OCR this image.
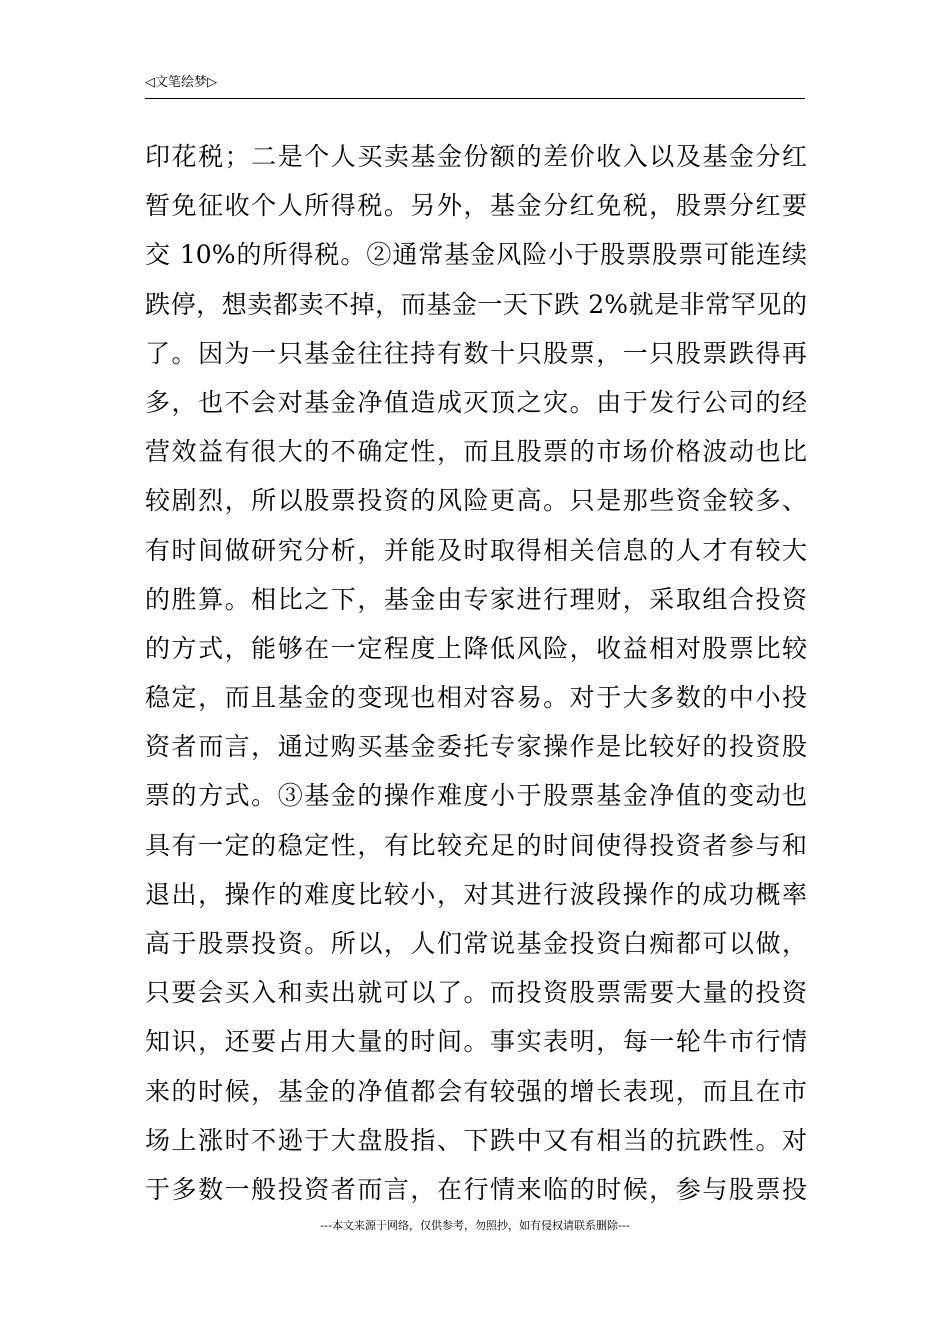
◁文笔绘梦▷
印花税；二是个人买卖基金份额的差价收入以及基金分红
暂免征收个人所得税。另外，基金分红免税，股票分红要
交 10%的所得税。②通常基金风险小于股票股票可能连续
跌停，想卖都卖不掉，而基金一天下跌 2%就是非常罕见的
了。因为一只基金往往持有数十只股票，一只股票跌得再
多，也不会对基金净值造成灭顶之灾。由于发行公司的经
营效益有很大的不确定性，而且股票的市场价格波动也比
较剧烈，所以股票投资的风险更高。只是那些资金较多、
有时间做研究分析，并能及时取得相关信息的人才有较大
的胜算。相比之下，基金由专家进行理财，采取组合投资
的方式，能够在一定程度上降低风险，收益相对股票比较
稳定，而且基金的变现也相对容易。对于大多数的中小投
资者而言，通过购买基金委托专家操作是比较好的投资股
票的方式。③基金的操作难度小于股票基金净值的变动也
具有一定的稳定性，有比较充足的时间使得投资者参与和
退出，操作的难度比较小，对其进行波段操作的成功概率
高于股票投资。所以，人们常说基金投资白痴都可以做，
只要会买入和卖出就可以了。而投资股票需要大量的投资
知识，还要占用大量的时间。事实表明，每一轮牛市行情
来的时候，基金的净值都会有较强的增长表现，而且在市
场上涨时不逊于大盘股指、下跌中又有相当的抗跌性。对
于多数一般投资者而言，在行情来临的时候，参与股票投
---本文来源于网络，仅供参考，勿照抄，如有侵权请联系删除---
